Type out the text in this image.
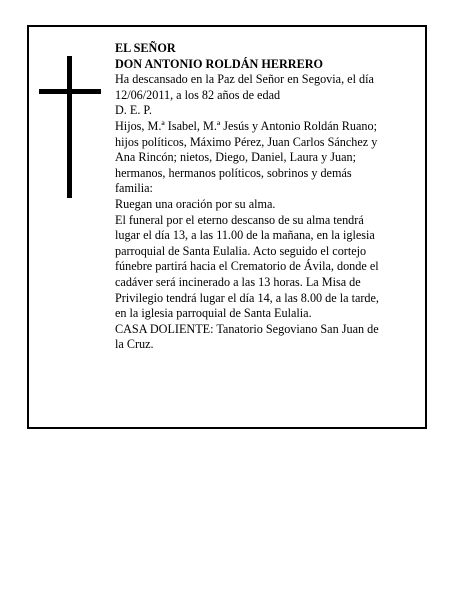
EL SEÑOR
DON ANTONIO ROLDÁN HERRERO
Ha descansado en la Paz del Señor en Segovia, el día
12/06/2011, a los 82 años de edad
D. E. P.
Hijos, M.ª Isabel, M.ª Jesús y Antonio Roldán Ruano;
hijos políticos, Máximo Pérez, Juan Carlos Sánchez y
Ana Rincón; nietos, Diego, Daniel, Laura y Juan;
hermanos, hermanos políticos, sobrinos y demás
familia:
Ruegan una oración por su alma.
El funeral por el eterno descanso de su alma tendrá
lugar el día 13, a las 11.00 de la mañana, en la iglesia
parroquial de Santa Eulalia. Acto seguido el cortejo
fúnebre partirá hacia el Crematorio de Ávila, donde el
cadáver será incinerado a las 13 horas. La Misa de
Privilegio tendrá lugar el día 14, a las 8.00 de la tarde,
en la iglesia parroquial de Santa Eulalia.
CASA DOLIENTE: Tanatorio Segoviano San Juan de
la Cruz.
